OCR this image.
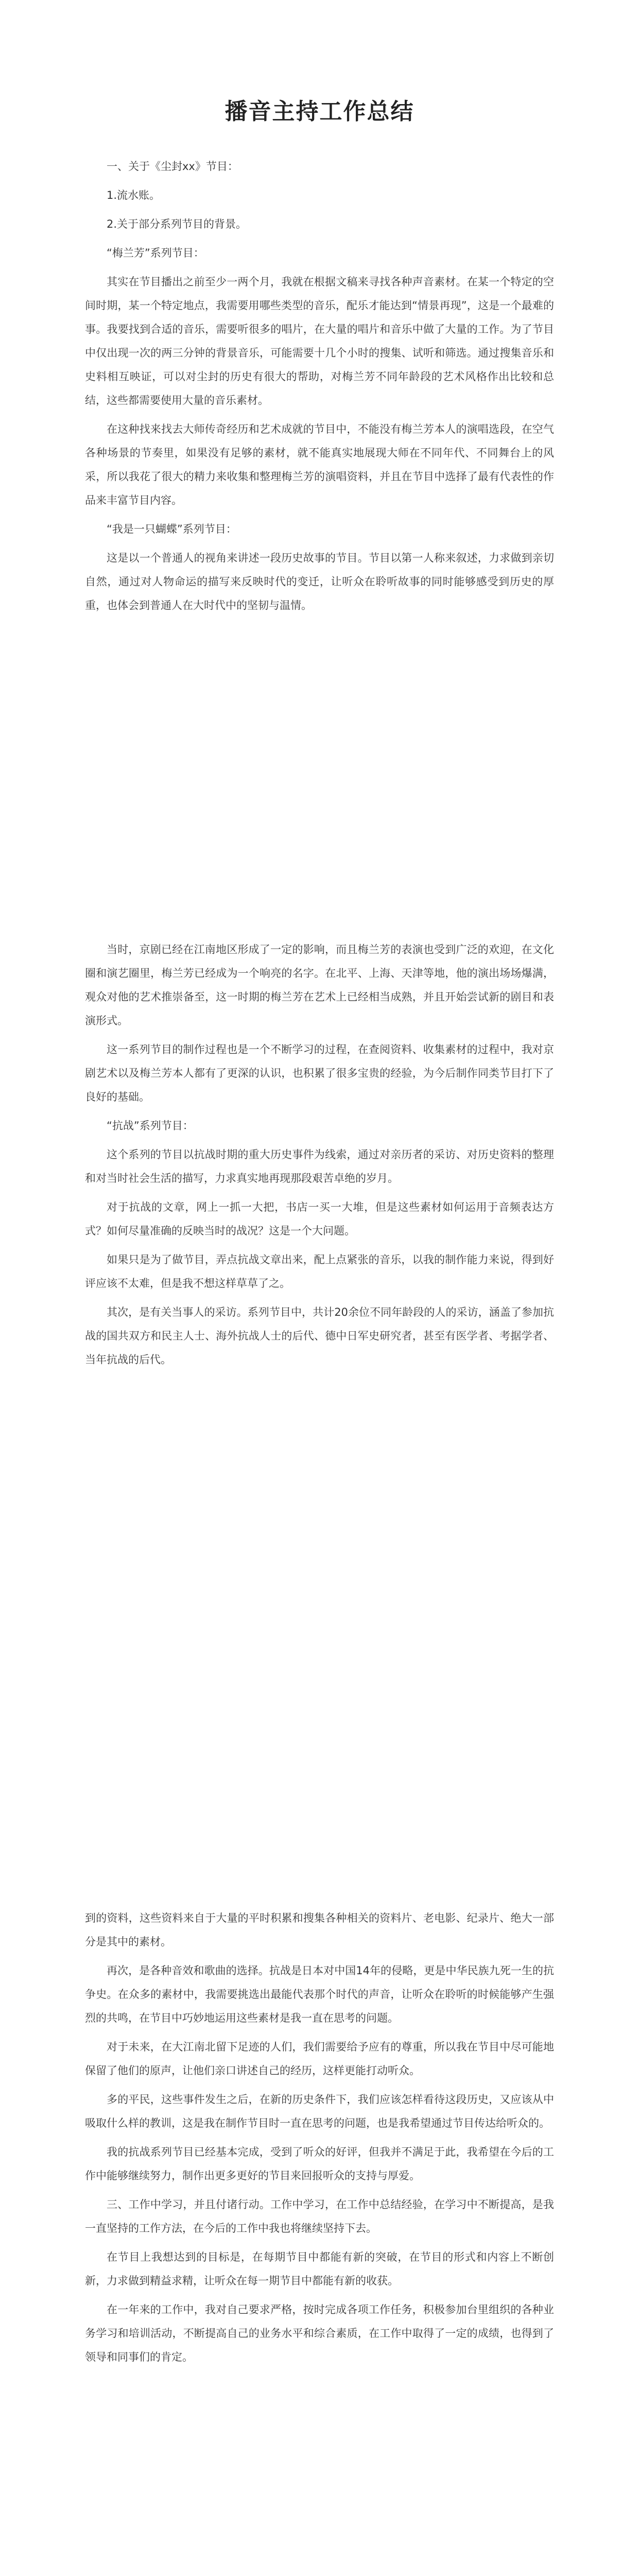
播音主持工作总结

一、关于《尘封xx》节目：

1.流水账。

2.关于部分系列节目的背景。

“梅兰芳”系列节目：

其实在节目播出之前至少一两个月，我就在根据文稿来寻找各种声音素材。在某一个特定的空间时期，某一个特定地点，我需要用哪些类型的音乐，配乐才能达到“情景再现”，这是一个最难的事。我要找到合适的音乐，需要听很多的唱片，在大量的唱片和音乐中做了大量的工作。为了节目中仅出现一次的两三分钟的背景音乐，可能需要十几个小时的搜集、试听和筛选。通过搜集音乐和史料相互映证，可以对尘封的历史有很大的帮助，对梅兰芳不同年龄段的艺术风格作出比较和总结，这些都需要使用大量的音乐素材。

在这种找来找去大师传奇经历和艺术成就的节目中，不能没有梅兰芳本人的演唱选段，在空气各种场景的节奏里，如果没有足够的素材，就不能真实地展现大师在不同年代、不同舞台上的风采，所以我花了很大的精力来收集和整理梅兰芳的演唱资料，并且在节目中选择了最有代表性的作品来丰富节目内容。

“我是一只蝴蝶”系列节目：

这是以一个普通人的视角来讲述一段历史故事的节目。节目以第一人称来叙述，力求做到亲切自然，通过对人物命运的描写来反映时代的变迁，让听众在聆听故事的同时能够感受到历史的厚重，也体会到普通人在大时代中的坚韧与温情。

当时，京剧已经在江南地区形成了一定的影响，而且梅兰芳的表演也受到广泛的欢迎，在文化圈和演艺圈里，梅兰芳已经成为一个响亮的名字。在北平、上海、天津等地，他的演出场场爆满，观众对他的艺术推崇备至，这一时期的梅兰芳在艺术上已经相当成熟，并且开始尝试新的剧目和表演形式。

这一系列节目的制作过程也是一个不断学习的过程，在查阅资料、收集素材的过程中，我对京剧艺术以及梅兰芳本人都有了更深的认识，也积累了很多宝贵的经验，为今后制作同类节目打下了良好的基础。

“抗战”系列节目：

这个系列的节目以抗战时期的重大历史事件为线索，通过对亲历者的采访、对历史资料的整理和对当时社会生活的描写，力求真实地再现那段艰苦卓绝的岁月。

对于抗战的文章，网上一抓一大把，书店一买一大堆，但是这些素材如何运用于音频表达方式？如何尽量准确的反映当时的战况？这是一个大问题。

如果只是为了做节目，弄点抗战文章出来，配上点紧张的音乐，以我的制作能力来说，得到好评应该不太难，但是我不想这样草草了之。

其次，是有关当事人的采访。系列节目中，共计20余位不同年龄段的人的采访，涵盖了参加抗战的国共双方和民主人士、海外抗战人士的后代、德中日军史研究者，甚至有医学者、考据学者、当年抗战的后代。

到的资料，这些资料来自于大量的平时积累和搜集各种相关的资料片、老电影、纪录片、绝大一部分是其中的素材。

再次，是各种音效和歌曲的选择。抗战是日本对中国14年的侵略，更是中华民族九死一生的抗争史。在众多的素材中，我需要挑选出最能代表那个时代的声音，让听众在聆听的时候能够产生强烈的共鸣，在节目中巧妙地运用这些素材是我一直在思考的问题。

对于未来，在大江南北留下足迹的人们，我们需要给予应有的尊重，所以我在节目中尽可能地保留了他们的原声，让他们亲口讲述自己的经历，这样更能打动听众。

多的平民，这些事件发生之后，在新的历史条件下，我们应该怎样看待这段历史，又应该从中吸取什么样的教训，这是我在制作节目时一直在思考的问题，也是我希望通过节目传达给听众的。

我的抗战系列节目已经基本完成，受到了听众的好评，但我并不满足于此，我希望在今后的工作中能够继续努力，制作出更多更好的节目来回报听众的支持与厚爱。

三、工作中学习，并且付诸行动。工作中学习，在工作中总结经验，在学习中不断提高，是我一直坚持的工作方法，在今后的工作中我也将继续坚持下去。

在节目上我想达到的目标是，在每期节目中都能有新的突破，在节目的形式和内容上不断创新，力求做到精益求精，让听众在每一期节目中都能有新的收获。

在一年来的工作中，我对自己要求严格，按时完成各项工作任务，积极参加台里组织的各种业务学习和培训活动，不断提高自己的业务水平和综合素质，在工作中取得了一定的成绩，也得到了领导和同事们的肯定。
